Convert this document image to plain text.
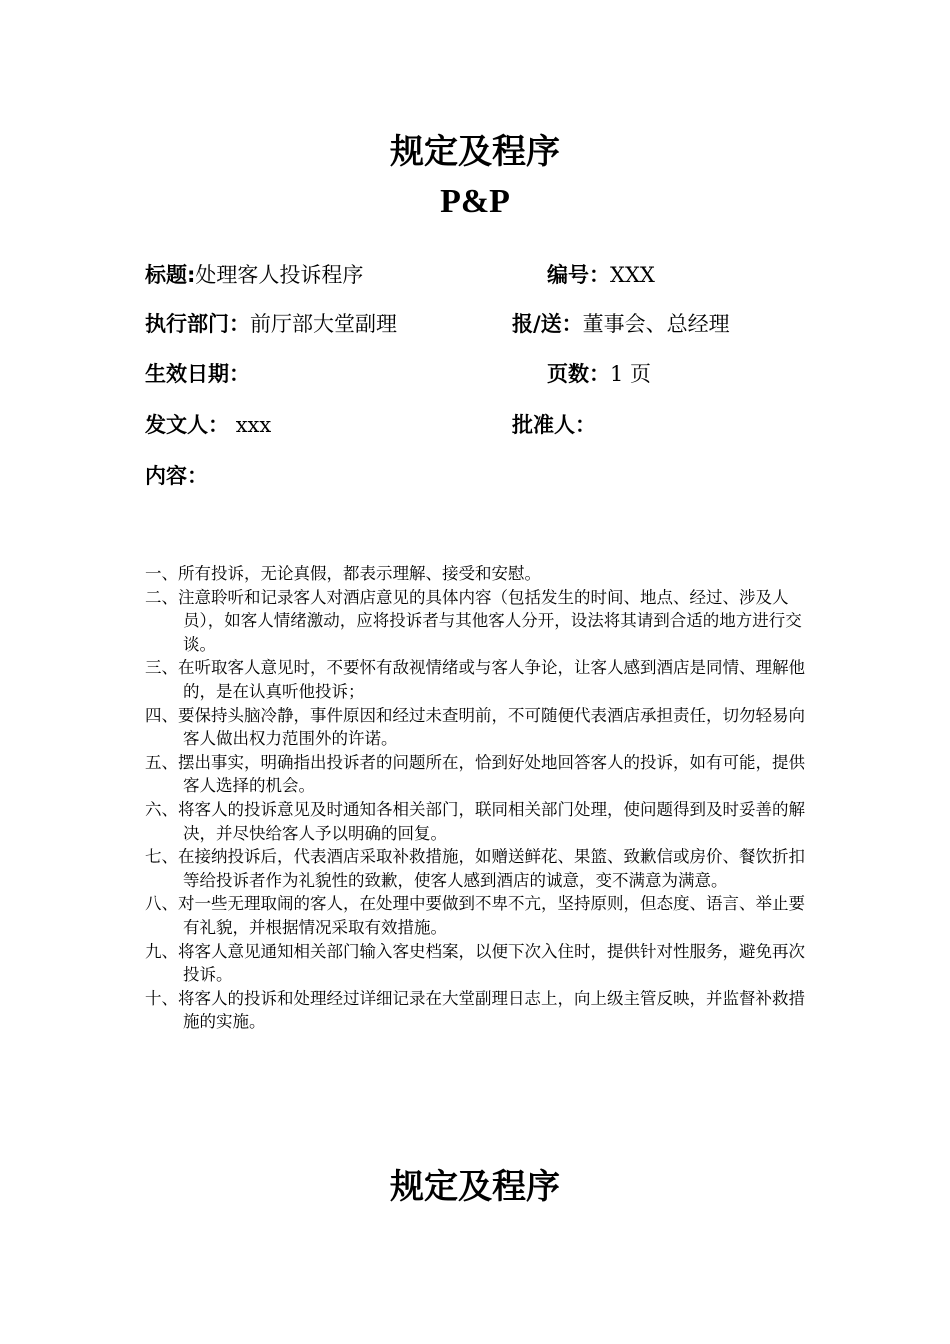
规定及程序
P&P
标题:处理客人投诉程序	编号：XXX
执行部门：前厅部大堂副理	报/送：董事会、总经理
生效日期：	页数：1 页
发文人： xxx	批准人：
内容：
一、所有投诉，无论真假，都表示理解、接受和安慰。
二、注意聆听和记录客人对酒店意见的具体内容（包括发生的时间、地点、经过、涉及人员），如客人情绪激动，应将投诉者与其他客人分开，设法将其请到合适的地方进行交谈。
三、在听取客人意见时，不要怀有敌视情绪或与客人争论，让客人感到酒店是同情、理解他的，是在认真听他投诉；
四、要保持头脑冷静，事件原因和经过未查明前，不可随便代表酒店承担责任，切勿轻易向客人做出权力范围外的许诺。
五、摆出事实，明确指出投诉者的问题所在，恰到好处地回答客人的投诉，如有可能，提供客人选择的机会。
六、将客人的投诉意见及时通知各相关部门，联同相关部门处理，使问题得到及时妥善的解决，并尽快给客人予以明确的回复。
七、在接纳投诉后，代表酒店采取补救措施，如赠送鲜花、果篮、致歉信或房价、餐饮折扣等给投诉者作为礼貌性的致歉，使客人感到酒店的诚意，变不满意为满意。
八、对一些无理取闹的客人，在处理中要做到不卑不亢，坚持原则，但态度、语言、举止要有礼貌，并根据情况采取有效措施。
九、将客人意见通知相关部门输入客史档案，以便下次入住时，提供针对性服务，避免再次投诉。
十、将客人的投诉和处理经过详细记录在大堂副理日志上，向上级主管反映，并监督补救措施的实施。
规定及程序
